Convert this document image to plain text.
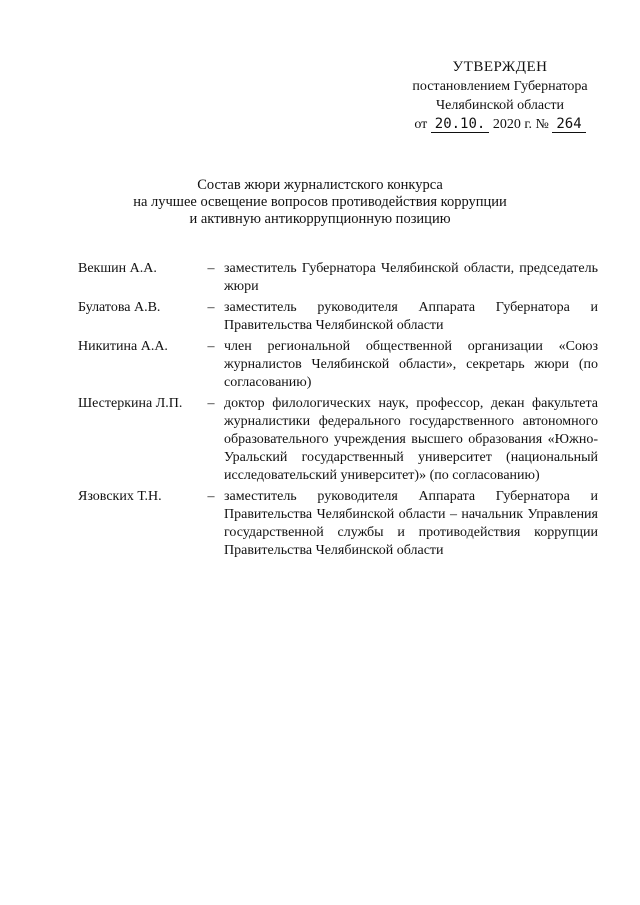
УТВЕРЖДЕН
постановлением Губернатора
Челябинской области
от 20.10. 2020 г. № 264
Состав жюри журналистского конкурса
на лучшее освещение вопросов противодействия коррупции
и активную антикоррупционную позицию
Векшин А.А.	– заместитель Губернатора Челябинской области, председатель жюри
Булатова А.В.	– заместитель руководителя Аппарата Губернатора и Правительства Челябинской области
Никитина А.А.	– член региональной общественной организации «Союз журналистов Челябинской области», секретарь жюри (по согласованию)
Шестеркина Л.П.	– доктор филологических наук, профессор, декан факультета журналистики федерального государственного автономного образовательного учреждения высшего образования «Южно-Уральский государственный университет (национальный исследовательский университет)» (по согласованию)
Язовских Т.Н.	– заместитель руководителя Аппарата Губернатора и Правительства Челябинской области – начальник Управления государственной службы и противодействия коррупции Правительства Челябинской области
